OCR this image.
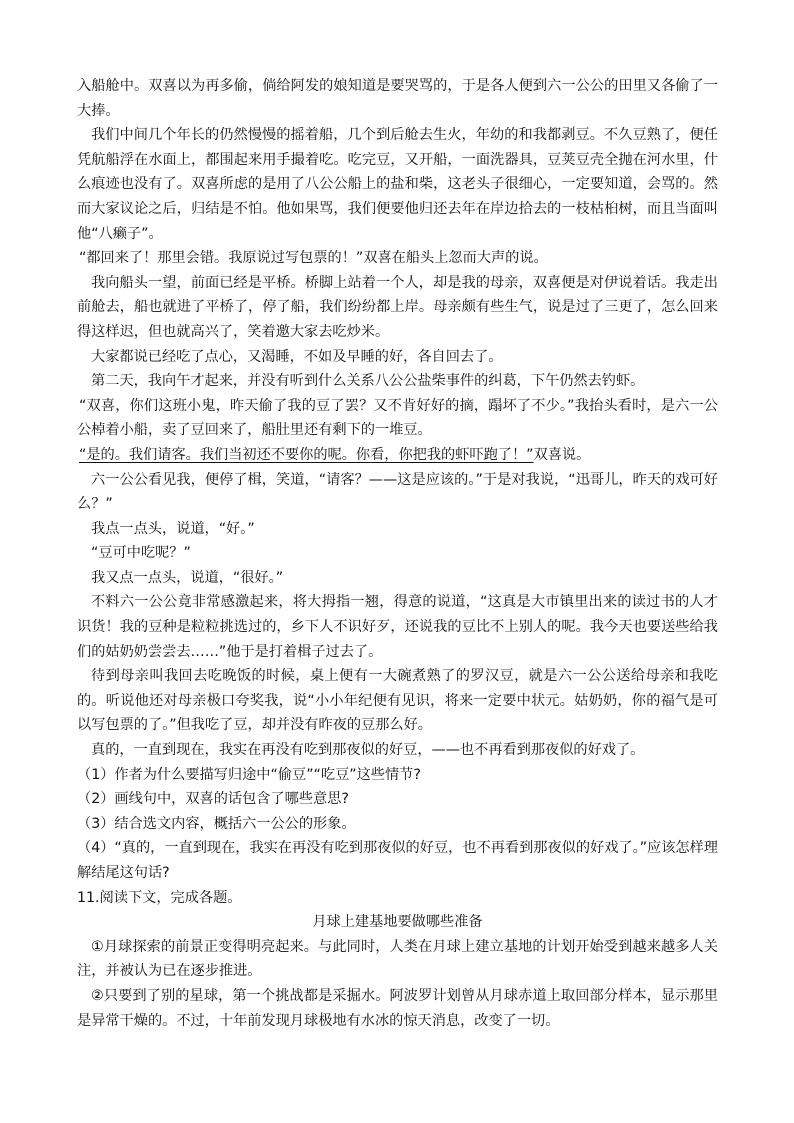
入船舱中。双喜以为再多偷，倘给阿发的娘知道是要哭骂的，于是各人便到六一公公的田里又各偷了一大捧。

我们中间几个年长的仍然慢慢的摇着船，几个到后舱去生火，年幼的和我都剥豆。不久豆熟了，便任凭航船浮在水面上，都围起来用手撮着吃。吃完豆，又开船，一面洗器具，豆荚豆壳全抛在河水里，什么痕迹也没有了。双喜所虑的是用了八公公船上的盐和柴，这老头子很细心，一定要知道，会骂的。然而大家议论之后，归结是不怕。他如果骂，我们便要他归还去年在岸边拾去的一枝枯桕树，而且当面叫他“八癞子”。

“都回来了！那里会错。我原说过写包票的！”双喜在船头上忽而大声的说。

我向船头一望，前面已经是平桥。桥脚上站着一个人，却是我的母亲，双喜便是对伊说着话。我走出前舱去，船也就进了平桥了，停了船，我们纷纷都上岸。母亲颇有些生气，说是过了三更了，怎么回来得这样迟，但也就高兴了，笑着邀大家去吃炒米。

大家都说已经吃了点心，又渴睡，不如及早睡的好，各自回去了。

第二天，我向午才起来，并没有听到什么关系八公公盐柴事件的纠葛，下午仍然去钓虾。

“双喜，你们这班小鬼，昨天偷了我的豆了罢？又不肯好好的摘，蹋坏了不少。”我抬头看时，是六一公公棹着小船，卖了豆回来了，船肚里还有剩下的一堆豆。

“是的。我们请客。我们当初还不要你的呢。你看，你把我的虾吓跑了！”双喜说。

六一公公看见我，便停了楫，笑道，“请客？——这是应该的。”于是对我说，“迅哥儿，昨天的戏可好么？”

我点一点头，说道，“好。”

“豆可中吃呢？”

我又点一点头，说道，“很好。”

不料六一公公竟非常感激起来，将大拇指一翘，得意的说道，“这真是大市镇里出来的读过书的人才识货！我的豆种是粒粒挑选过的，乡下人不识好歹，还说我的豆比不上别人的呢。我今天也要送些给我们的姑奶奶尝尝去……”他于是打着楫子过去了。

待到母亲叫我回去吃晚饭的时候，桌上便有一大碗煮熟了的罗汉豆，就是六一公公送给母亲和我吃的。听说他还对母亲极口夸奖我，说“小小年纪便有见识，将来一定要中状元。姑奶奶，你的福气是可以写包票的了。”但我吃了豆，却并没有昨夜的豆那么好。

真的，一直到现在，我实在再没有吃到那夜似的好豆，——也不再看到那夜似的好戏了。

（1）作者为什么要描写归途中“偷豆”“吃豆”这些情节?

（2）画线句中，双喜的话包含了哪些意思?

（3）结合选文内容，概括六一公公的形象。

（4）“真的，一直到现在，我实在再没有吃到那夜似的好豆，也不再看到那夜似的好戏了。”应该怎样理解结尾这句话?

11.阅读下文，完成各题。

月球上建基地要做哪些准备

①月球探索的前景正变得明亮起来。与此同时，人类在月球上建立基地的计划开始受到越来越多人关注，并被认为已在逐步推进。

②只要到了别的星球，第一个挑战都是采掘水。阿波罗计划曾从月球赤道上取回部分样本，显示那里是异常干燥的。不过，十年前发现月球极地有水冰的惊天消息，改变了一切。
